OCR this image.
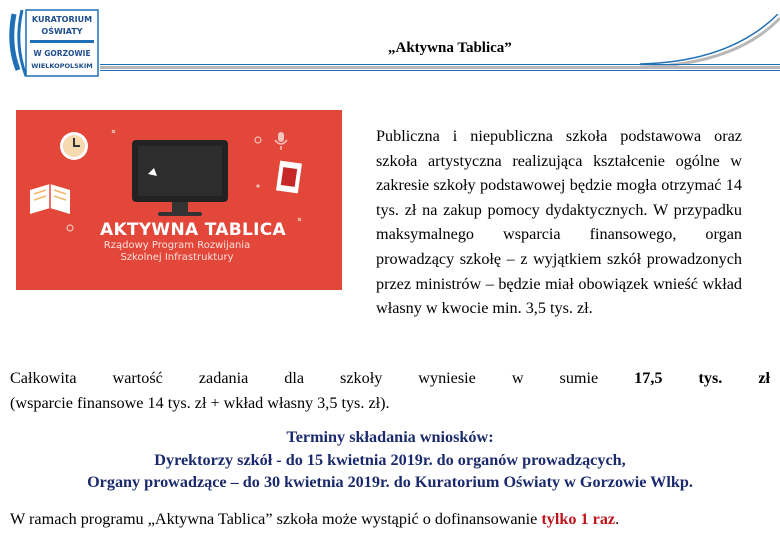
KURATORIUM
OŚWIATY
W GORZOWIE
WIELKOPOLSKIM
„Aktywna Tablica”
AKTYWNA TABLICA
Rządowy Program Rozwijania
Szkolnej Infrastruktury
Publiczna i niepubliczna szkoła podstawowa oraz szkoła artystyczna realizująca kształcenie ogólne w zakresie szkoły podstawowej będzie mogła otrzymać 14 tys. zł na zakup pomocy dydaktycznych. W przypadku maksymalnego wsparcia finansowego, organ prowadzący szkołę – z wyjątkiem szkół prowadzonych przez ministrów – będzie miał obowiązek wnieść wkład własny w kwocie min. 3,5 tys. zł.
Całkowita wartość zadania dla szkoły wyniesie w sumie 17,5 tys. zł
(wsparcie finansowe 14 tys. zł + wkład własny 3,5 tys. zł).
Terminy składania wniosków:
Dyrektorzy szkół - do 15 kwietnia 2019r. do organów prowadzących,
Organy prowadzące – do 30 kwietnia 2019r. do Kuratorium Oświaty w Gorzowie Wlkp.
W ramach programu „Aktywna Tablica” szkoła może wystąpić o dofinansowanie tylko 1 raz.
